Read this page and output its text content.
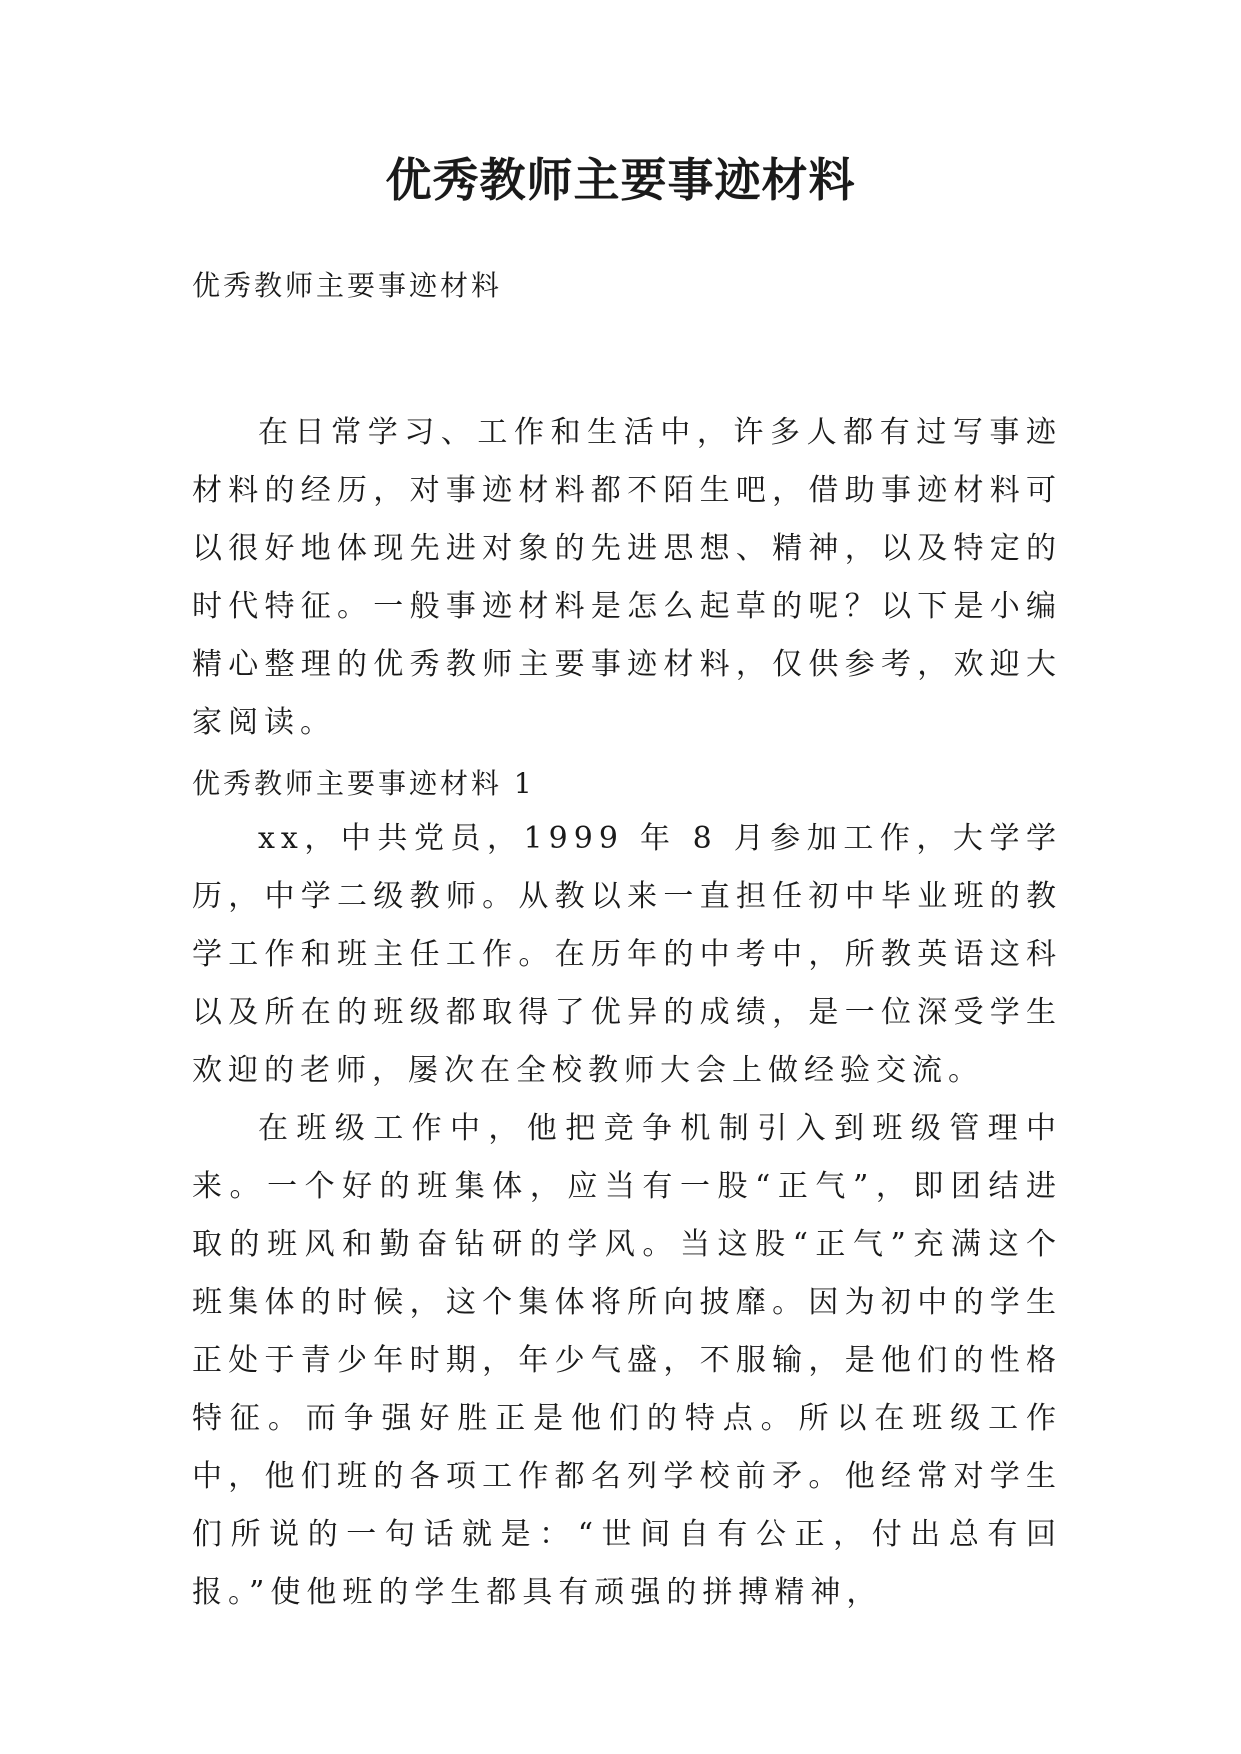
优秀教师主要事迹材料

优秀教师主要事迹材料

在日常学习、工作和生活中，许多人都有过写事迹材料的经历，对事迹材料都不陌生吧，借助事迹材料可以很好地体现先进对象的先进思想、精神，以及特定的时代特征。一般事迹材料是怎么起草的呢？以下是小编精心整理的优秀教师主要事迹材料，仅供参考，欢迎大家阅读。

优秀教师主要事迹材料 1

xx，中共党员，1999 年 8 月参加工作，大学学历，中学二级教师。从教以来一直担任初中毕业班的教学工作和班主任工作。在历年的中考中，所教英语这科以及所在的班级都取得了优异的成绩，是一位深受学生欢迎的老师，屡次在全校教师大会上做经验交流。

在班级工作中，他把竞争机制引入到班级管理中来。一个好的班集体，应当有一股“正气”，即团结进取的班风和勤奋钻研的学风。当这股“正气”充满这个班集体的时候，这个集体将所向披靡。因为初中的学生正处于青少年时期，年少气盛，不服输，是他们的性格特征。而争强好胜正是他们的特点。所以在班级工作中，他们班的各项工作都名列学校前矛。他经常对学生们所说的一句话就是：“世间自有公正，付出总有回报。”使他班的学生都具有顽强的拼搏精神，
